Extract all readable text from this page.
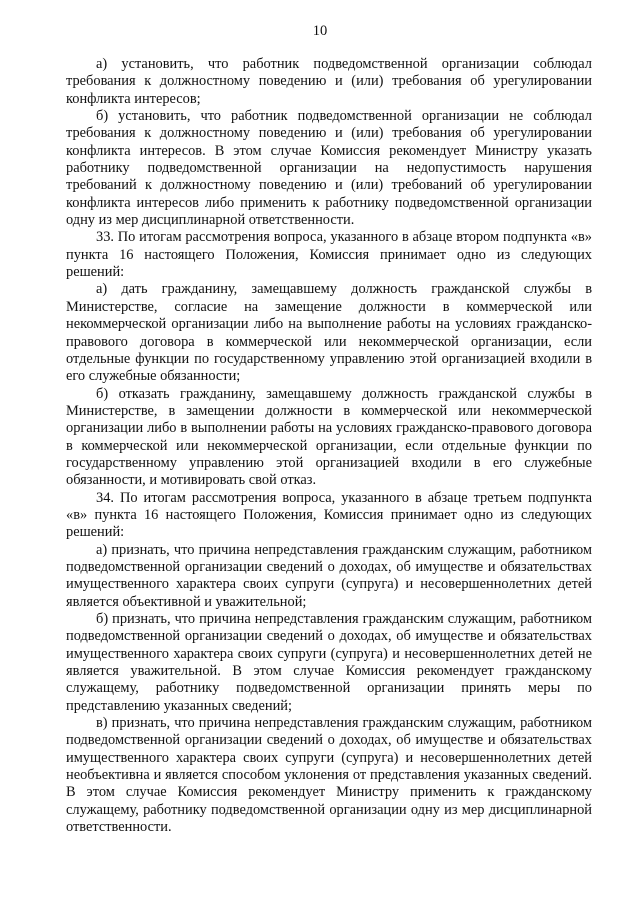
10

а) установить, что работник подведомственной организации соблюдал требования к должностному поведению и (или) требования об урегулировании конфликта интересов;

б) установить, что работник подведомственной организации не соблюдал требования к должностному поведению и (или) требования об урегулировании конфликта интересов. В этом случае Комиссия рекомендует Министру указать работнику подведомственной организации на недопустимость нарушения требований к должностному поведению и (или) требований об урегулировании конфликта интересов либо применить к работнику подведомственной организации одну из мер дисциплинарной ответственности.

33. По итогам рассмотрения вопроса, указанного в абзаце втором подпункта «в» пункта 16 настоящего Положения, Комиссия принимает одно из следующих решений:

а) дать гражданину, замещавшему должность гражданской службы в Министерстве, согласие на замещение должности в коммерческой или некоммерческой организации либо на выполнение работы на условиях гражданско-правового договора в коммерческой или некоммерческой организации, если отдельные функции по государственному управлению этой организацией входили в его служебные обязанности;

б) отказать гражданину, замещавшему должность гражданской службы в Министерстве, в замещении должности в коммерческой или некоммерческой организации либо в выполнении работы на условиях гражданско-правового договора в коммерческой или некоммерческой организации, если отдельные функции по государственному управлению этой организацией входили в его служебные обязанности, и мотивировать свой отказ.

34. По итогам рассмотрения вопроса, указанного в абзаце третьем подпункта «в» пункта 16 настоящего Положения, Комиссия принимает одно из следующих решений:

а) признать, что причина непредставления гражданским служащим, работником подведомственной организации сведений о доходах, об имуществе и обязательствах имущественного характера своих супруги (супруга) и несовершеннолетних детей является объективной и уважительной;

б) признать, что причина непредставления гражданским служащим, работником подведомственной организации сведений о доходах, об имуществе и обязательствах имущественного характера своих супруги (супруга) и несовершеннолетних детей не является уважительной. В этом случае Комиссия рекомендует гражданскому служащему, работнику подведомственной организации принять меры по представлению указанных сведений;

в) признать, что причина непредставления гражданским служащим, работником подведомственной организации сведений о доходах, об имуществе и обязательствах имущественного характера своих супруги (супруга) и несовершеннолетних детей необъективна и является способом уклонения от представления указанных сведений. В этом случае Комиссия рекомендует Министру применить к гражданскому служащему, работнику подведомственной организации одну из мер дисциплинарной ответственности.
